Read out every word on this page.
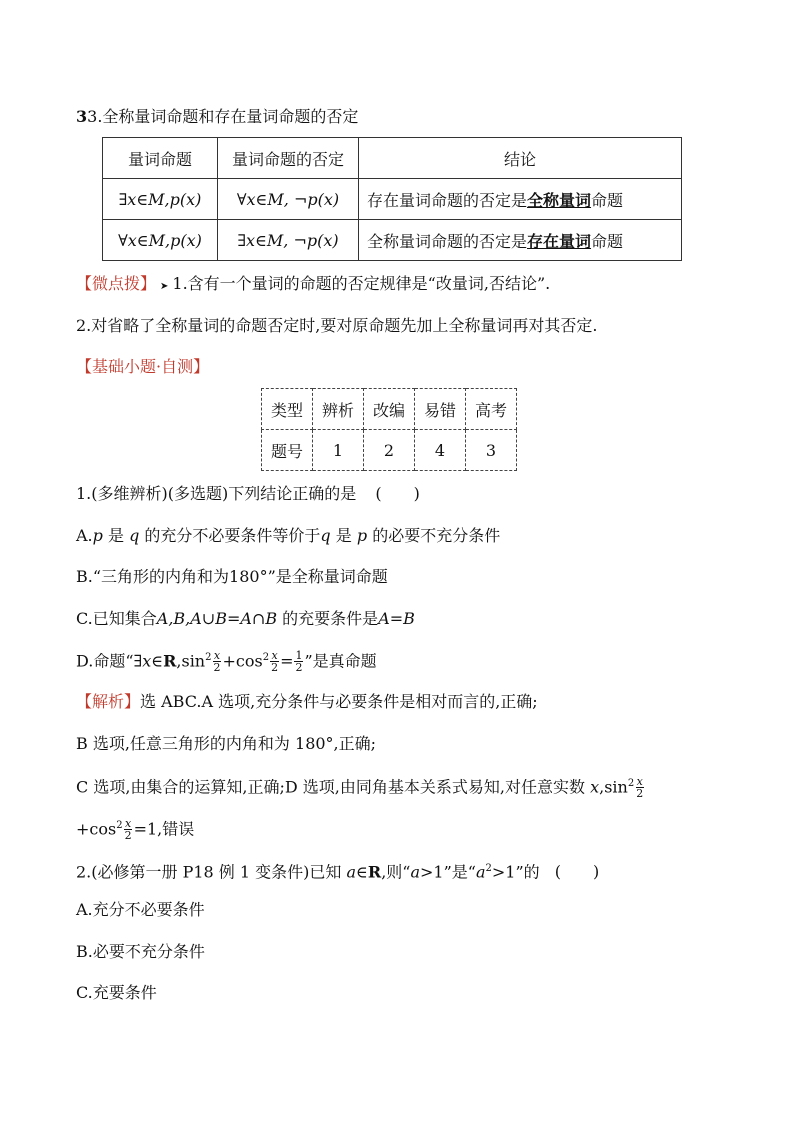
33.全称量词命题和存在量词命题的否定
量词命题	量词命题的否定	结论
∃x∈M,p(x)	∀x∈M, ¬p(x)	存在量词命题的否定是全称量词命题
∀x∈M,p(x)	∃x∈M, ¬p(x)	全称量词命题的否定是存在量词命题
【微点拨】 ➤ 1.含有一个量词的命题的否定规律是“改量词,否结论”.
2.对省略了全称量词的命题否定时,要对原命题先加上全称量词再对其否定.
【基础小题·自测】
类型	辨析	改编	易错	高考
题号	1	2	4	3
1.(多维辨析)(多选题)下列结论正确的是 (　　)
A.p 是 q 的充分不必要条件等价于q 是 p 的必要不充分条件
B.“三角形的内角和为180°”是全称量词命题
C.已知集合A,B,A∪B=A∩B 的充要条件是A=B
D.命题“$\exists x\in R,\sin^2 \frac{x}{2} +\cos^2 \frac{x}{2} = \frac{1}{2}$ ”是真命题
【解析】选 ABC.A 选项,充分条件与必要条件是相对而言的,正确;
B 选项,任意三角形的内角和为 180°,正确;
C 选项,由集合的运算知,正确;D 选项,由同角基本关系式易知,对任意实数 $x,\sin^2 \frac{x}{2}$
$+\cos^2 \frac{x}{2} =1$,错误
2.(必修第一册 P18 例 1 变条件)已知 a∈R,则“a>1”是“$a^2>1$”的 (　　)
A.充分不必要条件
B.必要不充分条件
C.充要条件
